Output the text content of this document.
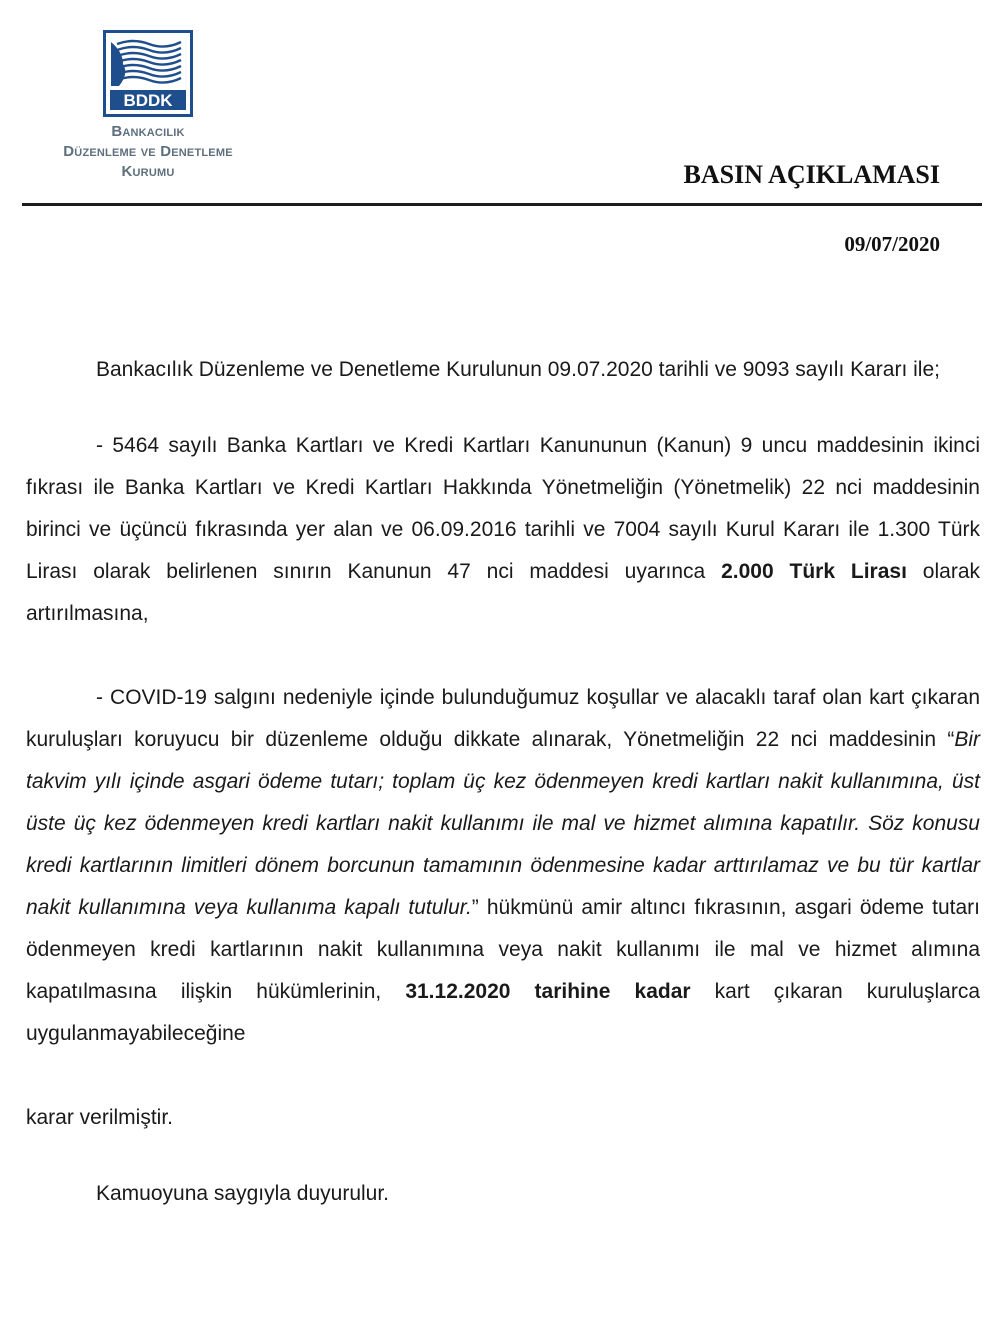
BDDK
Bankacılık
Düzenleme ve Denetleme
Kurumu	BASIN AÇIKLAMASI
09/07/2020

Bankacılık Düzenleme ve Denetleme Kurulunun 09.07.2020 tarihli ve 9093 sayılı Kararı ile;

- 5464 sayılı Banka Kartları ve Kredi Kartları Kanununun (Kanun) 9 uncu maddesinin ikinci fıkrası ile Banka Kartları ve Kredi Kartları Hakkında Yönetmeliğin (Yönetmelik) 22 nci maddesinin birinci ve üçüncü fıkrasında yer alan ve 06.09.2016 tarihli ve 7004 sayılı Kurul Kararı ile 1.300 Türk Lirası olarak belirlenen sınırın Kanunun 47 nci maddesi uyarınca 2.000 Türk Lirası olarak artırılmasına,

- COVID-19 salgını nedeniyle içinde bulunduğumuz koşullar ve alacaklı taraf olan kart çıkaran kuruluşları koruyucu bir düzenleme olduğu dikkate alınarak, Yönetmeliğin 22 nci maddesinin “Bir takvim yılı içinde asgari ödeme tutarı; toplam üç kez ödenmeyen kredi kartları nakit kullanımına, üst üste üç kez ödenmeyen kredi kartları nakit kullanımı ile mal ve hizmet alımına kapatılır. Söz konusu kredi kartlarının limitleri dönem borcunun tamamının ödenmesine kadar arttırılamaz ve bu tür kartlar nakit kullanımına veya kullanıma kapalı tutulur.” hükmünü amir altıncı fıkrasının, asgari ödeme tutarı ödenmeyen kredi kartlarının nakit kullanımına veya nakit kullanımı ile mal ve hizmet alımına kapatılmasına ilişkin hükümlerinin, 31.12.2020 tarihine kadar kart çıkaran kuruluşlarca uygulanmayabileceğine

karar verilmiştir.

Kamuoyuna saygıyla duyurulur.
